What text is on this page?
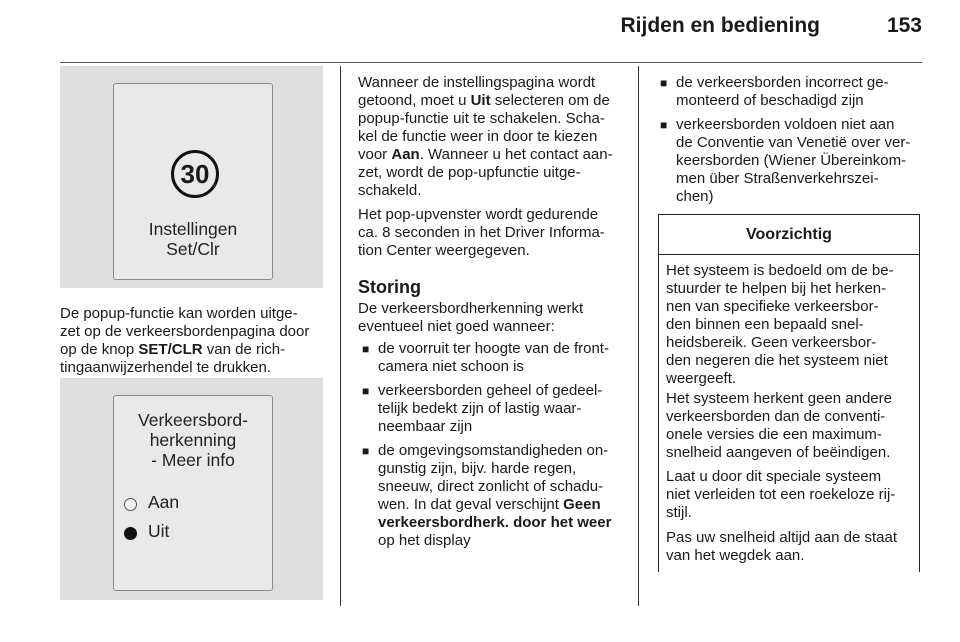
Rijden en bediening	153
30
Instellingen
Set/Clr
De popup-functie kan worden uitge-
zet op de verkeersbordenpagina door
op de knop SET/CLR van de rich-
tingaanwijzerhendel te drukken.
Verkeersbord-
herkenning
- Meer info
Aan
Uit
Wanneer de instellingspagina wordt
getoond, moet u Uit selecteren om de
popup-functie uit te schakelen. Scha-
kel de functie weer in door te kiezen
voor Aan. Wanneer u het contact aan-
zet, wordt de pop-upfunctie uitge-
schakeld.
Het pop-upvenster wordt gedurende
ca. 8 seconden in het Driver Informa-
tion Center weergegeven.
Storing
De verkeersbordherkenning werkt
eventueel niet goed wanneer:
■ de voorruit ter hoogte van de front-
camera niet schoon is
■ verkeersborden geheel of gedeel-
telijk bedekt zijn of lastig waar-
neembaar zijn
■ de omgevingsomstandigheden on-
gunstig zijn, bijv. harde regen,
sneeuw, direct zonlicht of schadu-
wen. In dat geval verschijnt Geen
verkeersbordherk. door het weer
op het display
■ de verkeersborden incorrect ge-
monteerd of beschadigd zijn
■ verkeersborden voldoen niet aan
de Conventie van Venetië over ver-
keersborden (Wiener Übereinkom-
men über Straßenverkehrszei-
chen)
Voorzichtig
Het systeem is bedoeld om de be-
stuurder te helpen bij het herken-
nen van specifieke verkeersbor-
den binnen een bepaald snel-
heidsbereik. Geen verkeersbor-
den negeren die het systeem niet
weergeeft.
Het systeem herkent geen andere
verkeersborden dan de conventi-
onele versies die een maximum-
snelheid aangeven of beëindigen.
Laat u door dit speciale systeem
niet verleiden tot een roekeloze rij-
stijl.
Pas uw snelheid altijd aan de staat
van het wegdek aan.
